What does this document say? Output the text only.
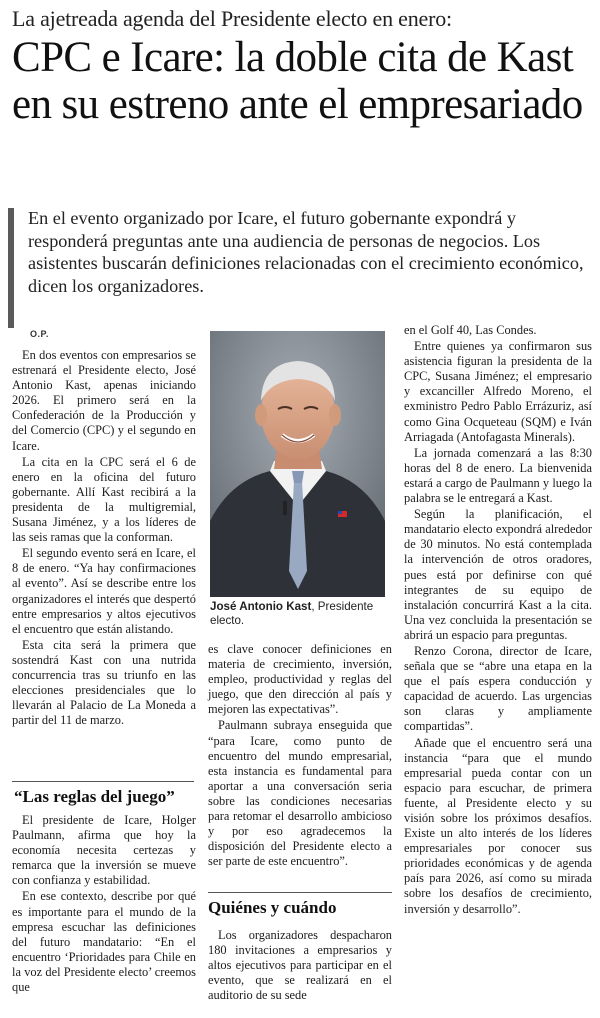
La ajetreada agenda del Presidente electo en enero:
CPC e Icare: la doble cita de Kast en su estreno ante el empresariado
En el evento organizado por Icare, el futuro gobernante expondrá y responderá preguntas ante una audiencia de personas de negocios. Los asistentes buscarán definiciones relacionadas con el crecimiento económico, dicen los organizadores.
O.P.

En dos eventos con empresarios se estrenará el Presidente electo, José Antonio Kast, apenas iniciando 2026. El primero será en la Confederación de la Producción y del Comercio (CPC) y el segundo en Icare.

La cita en la CPC será el 6 de enero en la oficina del futuro gobernante. Allí Kast recibirá a la presidenta de la multigremial, Susana Jiménez, y a los líderes de las seis ramas que la conforman.

El segundo evento será en Icare, el 8 de enero. “Ya hay confirmaciones al evento”. Así se describe entre los organizadores el interés que despertó entre empresarios y altos ejecutivos el encuentro que están alistando.

Esta cita será la primera que sostendrá Kast con una nutrida concurrencia tras su triunfo en las elecciones presidenciales que lo llevarán al Palacio de La Moneda a partir del 11 de marzo.

“Las reglas del juego”

El presidente de Icare, Holger Paulmann, afirma que hoy la economía necesita certezas y remarca que la inversión se mueve con confianza y estabilidad.

En ese contexto, describe por qué es importante para el mundo de la empresa escuchar las definiciones del futuro mandatario: “En el encuentro ‘Prioridades para Chile en la voz del Presidente electo’ creemos que

José Antonio Kast, Presidente electo.

es clave conocer definiciones en materia de crecimiento, inversión, empleo, productividad y reglas del juego, que den dirección al país y mejoren las expectativas”.

Paulmann subraya enseguida que “para Icare, como punto de encuentro del mundo empresarial, esta instancia es fundamental para aportar a una conversación seria sobre las condiciones necesarias para retomar el desarrollo ambicioso y por eso agradecemos la disposición del Presidente electo a ser parte de este encuentro”.

Quiénes y cuándo

Los organizadores despacharon 180 invitaciones a empresarios y altos ejecutivos para participar en el evento, que se realizará en el auditorio de su sede

en el Golf 40, Las Condes.

Entre quienes ya confirmaron sus asistencia figuran la presidenta de la CPC, Susana Jiménez; el empresario y excanciller Alfredo Moreno, el exministro Pedro Pablo Errázuriz, así como Gina Ocqueteau (SQM) e Iván Arriagada (Antofagasta Minerals).

La jornada comenzará a las 8:30 horas del 8 de enero. La bienvenida estará a cargo de Paulmann y luego la palabra se le entregará a Kast.

Según la planificación, el mandatario electo expondrá alrededor de 30 minutos. No está contemplada la intervención de otros oradores, pues está por definirse con qué integrantes de su equipo de instalación concurrirá Kast a la cita. Una vez concluida la presentación se abrirá un espacio para preguntas.

Renzo Corona, director de Icare, señala que se “abre una etapa en la que el país espera conducción y capacidad de acuerdo. Las urgencias son claras y ampliamente compartidas”.

Añade que el encuentro será una instancia “para que el mundo empresarial pueda contar con un espacio para escuchar, de primera fuente, al Presidente electo y su visión sobre los próximos desafíos. Existe un alto interés de los líderes empresariales por conocer sus prioridades económicas y de agenda país para 2026, así como su mirada sobre los desafíos de crecimiento, inversión y desarrollo”.
